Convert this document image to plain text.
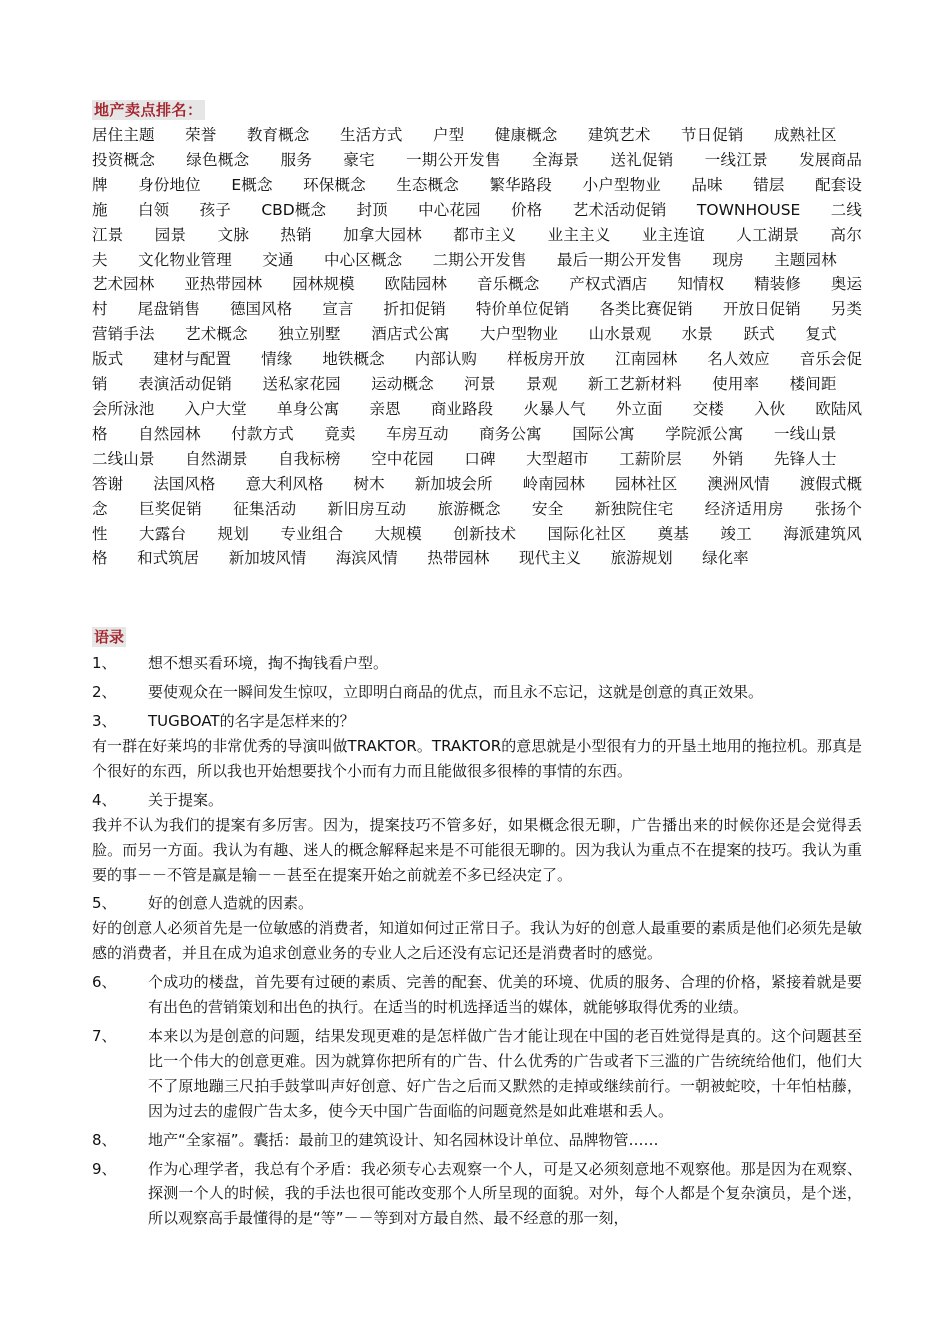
地产卖点排名：

居住主题 荣誉 教育概念 生活方式 户型 健康概念 建筑艺术 节日促销 成熟社区 投资概念 绿色概念 服务 豪宅 一期公开发售 全海景 送礼促销 一线江景 发展商品牌 身份地位 E概念 环保概念 生态概念 繁华路段 小户型物业 品味 错层 配套设施 白领 孩子 CBD概念 封顶 中心花园 价格 艺术活动促销 TOWNHOUSE 二线江景 园景 文脉 热销 加拿大园林 都市主义 业主主义 业主连谊 人工湖景 高尔夫 文化物业管理 交通 中心区概念 二期公开发售 最后一期公开发售 现房 主题园林 艺术园林 亚热带园林 园林规模 欧陆园林 音乐概念 产权式酒店 知情权 精装修 奥运村 尾盘销售 德国风格 宣言 折扣促销 特价单位促销 各类比赛促销 开放日促销 另类营销手法 艺术概念 独立别墅 酒店式公寓 大户型物业 山水景观 水景 跃式 复式 版式 建材与配置 情缘 地铁概念 内部认购 样板房开放 江南园林 名人效应 音乐会促销 表演活动促销 送私家花园 运动概念 河景 景观 新工艺新材料 使用率 楼间距 会所泳池 入户大堂 单身公寓 亲恩 商业路段 火暴人气 外立面 交楼 入伙 欧陆风格 自然园林 付款方式 竟卖 车房互动 商务公寓 国际公寓 学院派公寓 一线山景 二线山景 自然湖景 自我标榜 空中花园 口碑 大型超市 工薪阶层 外销 先锋人士 答谢 法国风格 意大利风格 树木 新加坡会所 岭南园林 园林社区 澳洲风情 渡假式概念 巨奖促销 征集活动 新旧房互动 旅游概念 安全 新独院住宅 经济适用房 张扬个性 大露台 规划 专业组合 大规模 创新技术 国际化社区 奠基 竣工 海派建筑风格 和式筑居 新加坡风情 海滨风情 热带园林 现代主义 旅游规划 绿化率

语录
1、	想不想买看环境，掏不掏钱看户型。
2、	要使观众在一瞬间发生惊叹，立即明白商品的优点，而且永不忘记，这就是创意的真正效果。
3、	TUGBOAT的名字是怎样来的？
有一群在好莱坞的非常优秀的导演叫做TRAKTOR。TRAKTOR的意思就是小型很有力的开垦土地用的拖拉机。那真是个很好的东西，所以我也开始想要找个小而有力而且能做很多很棒的事情的东西。
4、	关于提案。
我并不认为我们的提案有多厉害。因为，提案技巧不管多好，如果概念很无聊，广告播出来的时候你还是会觉得丢脸。而另一方面。我认为有趣、迷人的概念解释起来是不可能很无聊的。因为我认为重点不在提案的技巧。我认为重要的事－－不管是赢是输－－甚至在提案开始之前就差不多已经决定了。
5、	好的创意人造就的因素。
好的创意人必须首先是一位敏感的消费者，知道如何过正常日子。我认为好的创意人最重要的素质是他们必须先是敏感的消费者，并且在成为追求创意业务的专业人之后还没有忘记还是消费者时的感觉。
6、	个成功的楼盘，首先要有过硬的素质、完善的配套、优美的环境、优质的服务、合理的价格，紧接着就是要有出色的营销策划和出色的执行。在适当的时机选择适当的媒体，就能够取得优秀的业绩。
7、	本来以为是创意的问题，结果发现更难的是怎样做广告才能让现在中国的老百姓觉得是真的。这个问题甚至比一个伟大的创意更难。因为就算你把所有的广告、什么优秀的广告或者下三滥的广告统统给他们，他们大不了原地蹦三尺拍手鼓掌叫声好创意、好广告之后而又默然的走掉或继续前行。一朝被蛇咬，十年怕枯藤，因为过去的虚假广告太多，使今天中国广告面临的问题竟然是如此难堪和丢人。
8、	地产“全家福”。囊括：最前卫的建筑设计、知名园林设计单位、品牌物管……
9、	作为心理学者，我总有个矛盾：我必须专心去观察一个人，可是又必须刻意地不观察他。那是因为在观察、探测一个人的时候，我的手法也很可能改变那个人所呈现的面貌。对外，每个人都是个复杂演员，是个迷，所以观察高手最懂得的是“等”－－等到对方最自然、最不经意的那一刻，
